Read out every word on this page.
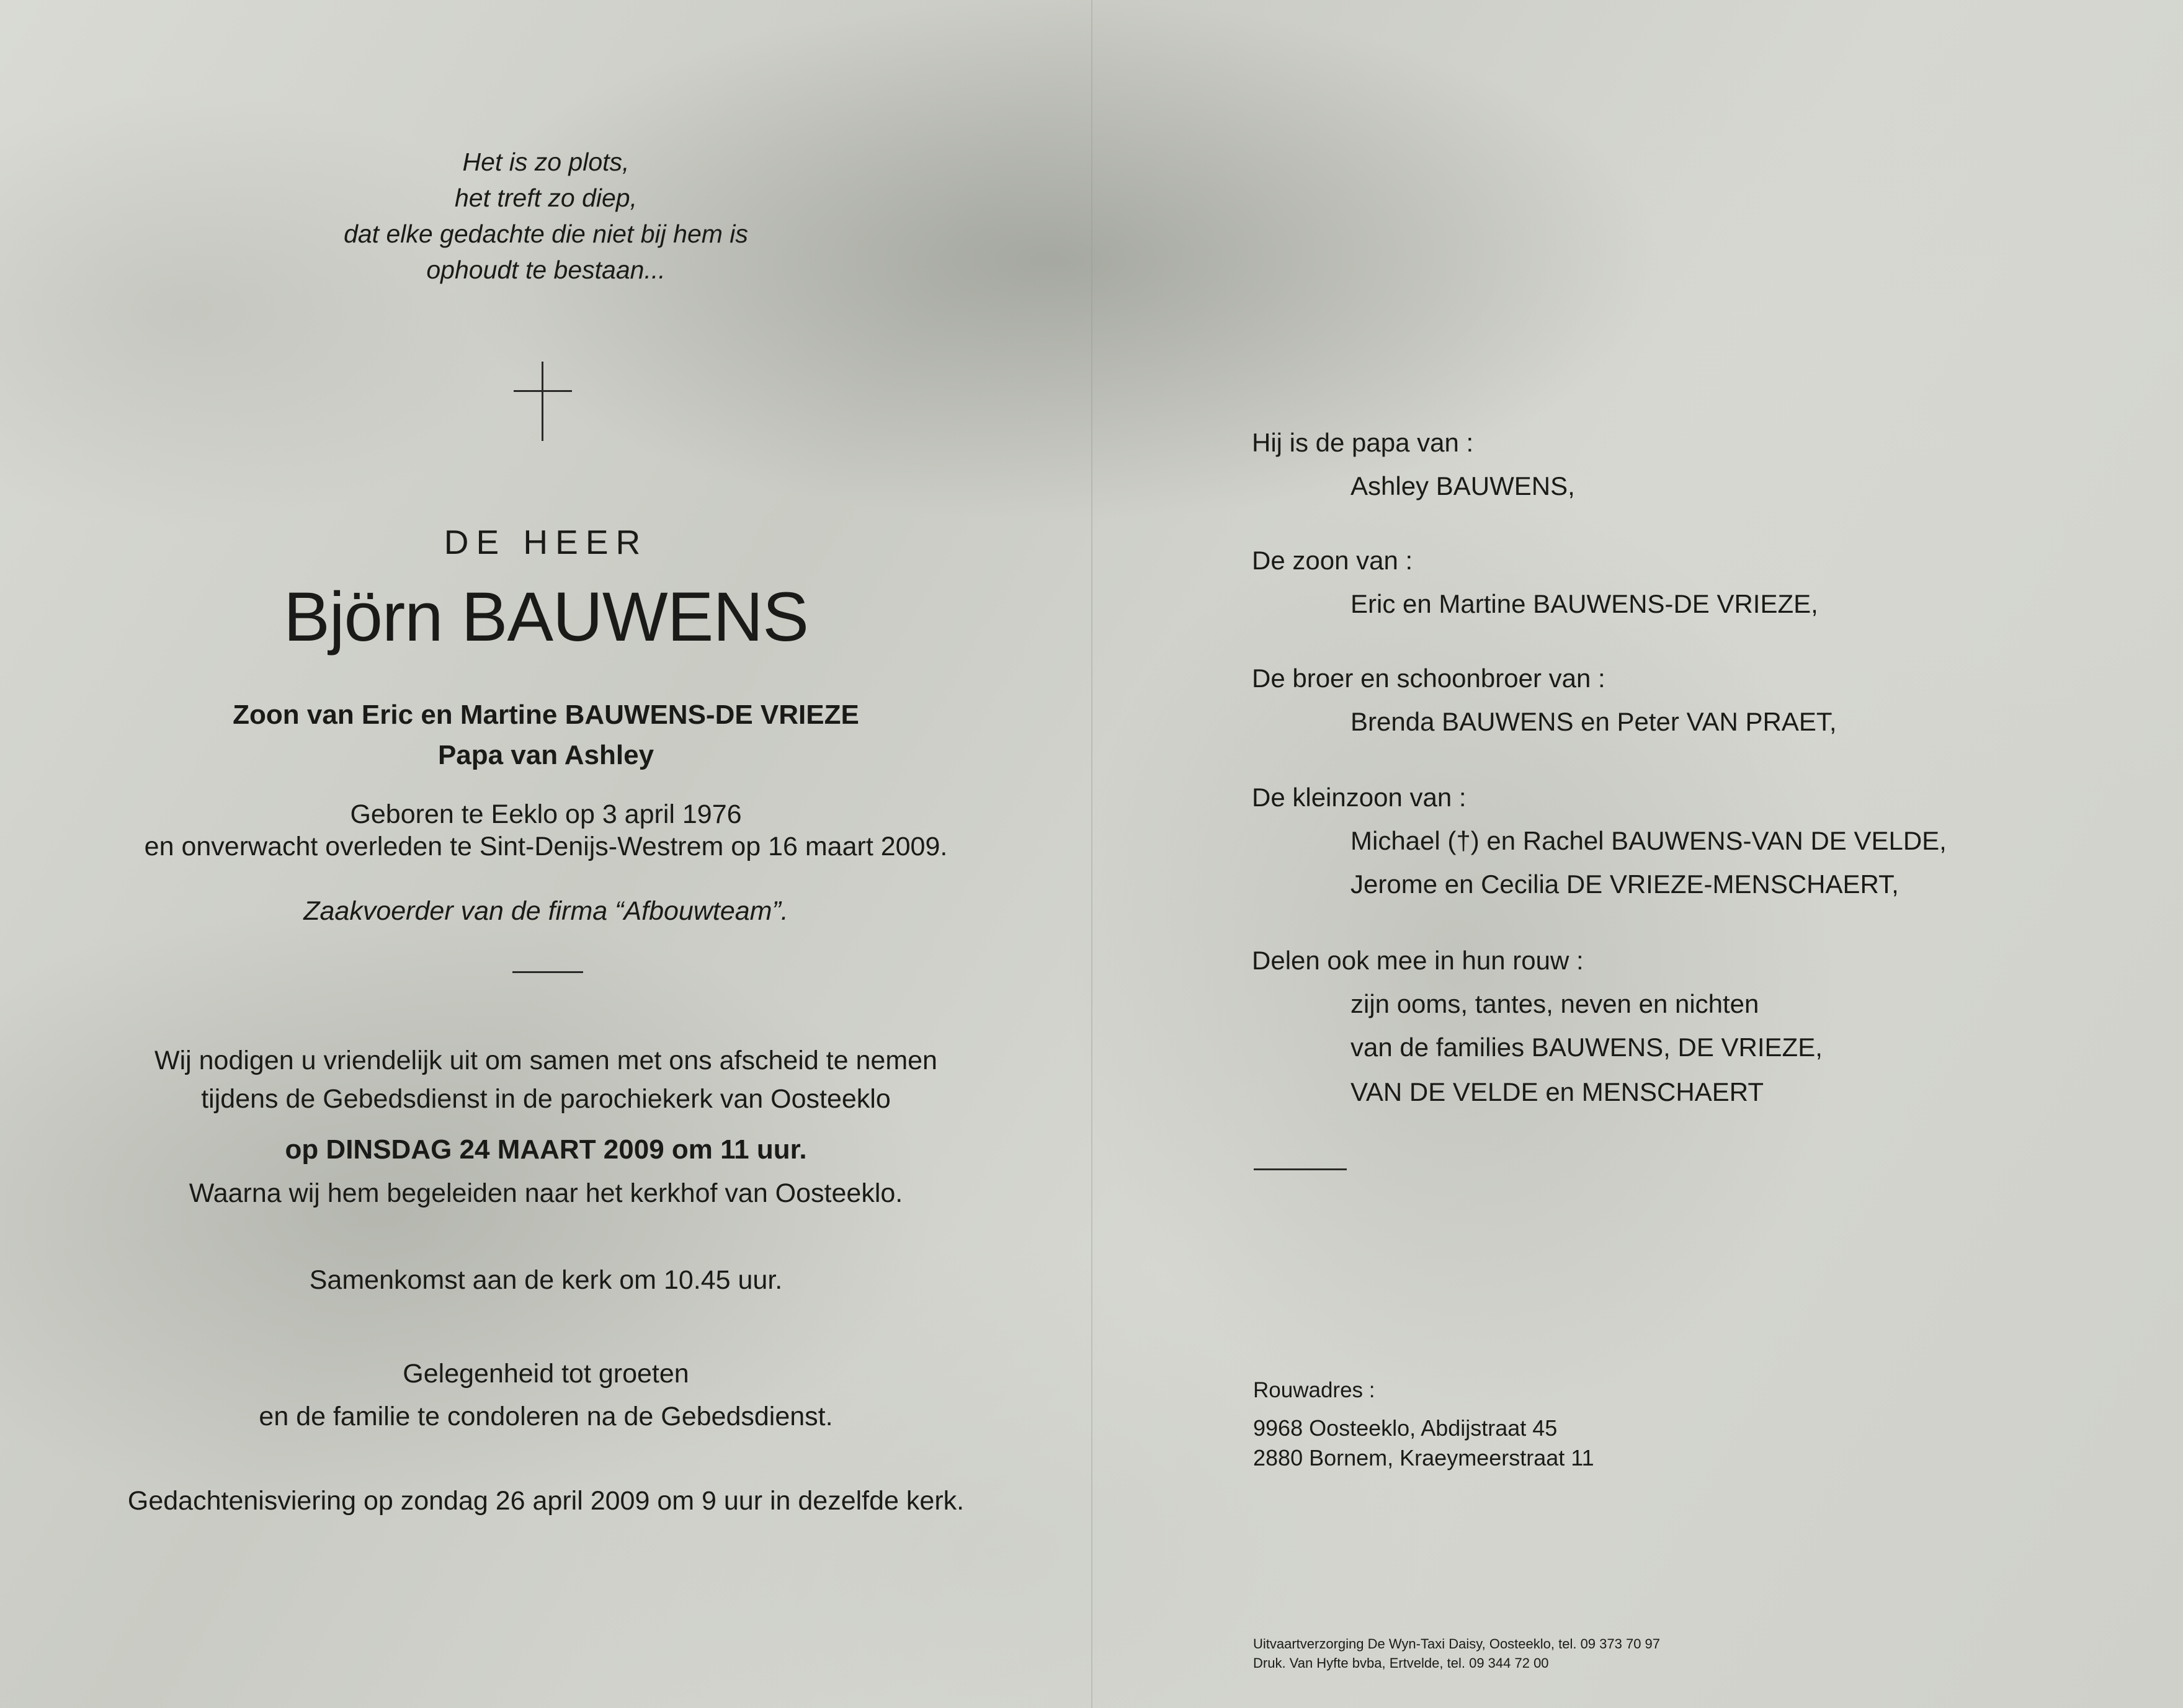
Het is zo plots,
het treft zo diep,
dat elke gedachte die niet bij hem is
ophoudt te bestaan...
DE HEER
Björn BAUWENS
Zoon van Eric en Martine BAUWENS-DE VRIEZE
Papa van Ashley
Geboren te Eeklo op 3 april 1976
en onverwacht overleden te Sint-Denijs-Westrem op 16 maart 2009.
Zaakvoerder van de firma “Afbouwteam”.
Wij nodigen u vriendelijk uit om samen met ons afscheid te nemen
tijdens de Gebedsdienst in de parochiekerk van Oosteeklo
op DINSDAG 24 MAART 2009 om 11 uur.
Waarna wij hem begeleiden naar het kerkhof van Oosteeklo.
Samenkomst aan de kerk om 10.45 uur.
Gelegenheid tot groeten
en de familie te condoleren na de Gebedsdienst.
Gedachtenisviering op zondag 26 april 2009 om 9 uur in dezelfde kerk.
Hij is de papa van :
Ashley BAUWENS,
De zoon van :
Eric en Martine BAUWENS-DE VRIEZE,
De broer en schoonbroer van :
Brenda BAUWENS en Peter VAN PRAET,
De kleinzoon van :
Michael (†) en Rachel BAUWENS-VAN DE VELDE,
Jerome en Cecilia DE VRIEZE-MENSCHAERT,
Delen ook mee in hun rouw :
zijn ooms, tantes, neven en nichten
van de families BAUWENS, DE VRIEZE,
VAN DE VELDE en MENSCHAERT
Rouwadres :
9968 Oosteeklo, Abdijstraat 45
2880 Bornem, Kraeymeerstraat 11
Uitvaartverzorging De Wyn-Taxi Daisy, Oosteeklo, tel. 09 373 70 97
Druk. Van Hyfte bvba, Ertvelde, tel. 09 344 72 00
